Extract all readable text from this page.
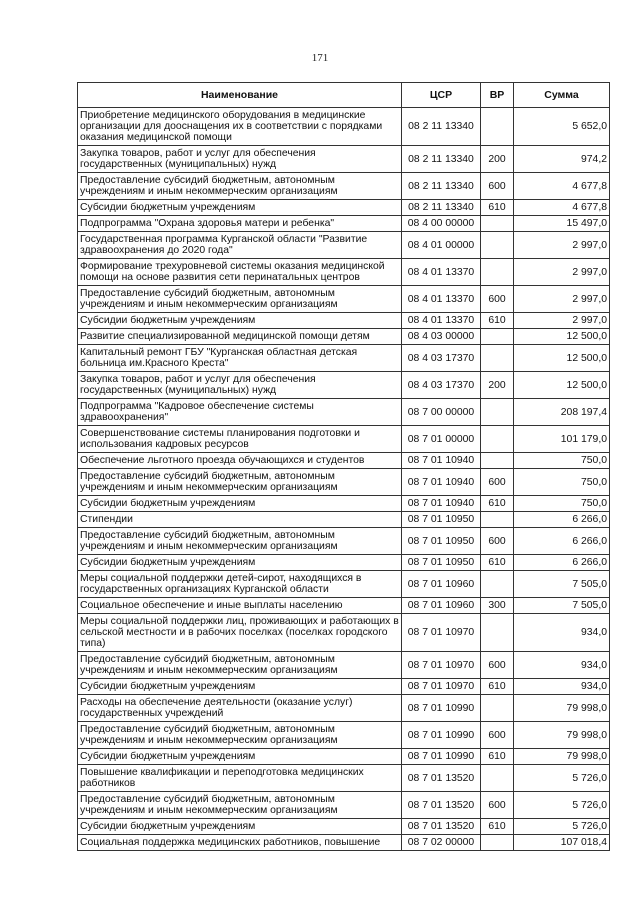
171
Наименование	ЦСР	ВР	Сумма
Приобретение медицинского оборудования в медицинские организации для дооснащения их в соответствии с порядками оказания медицинской помощи	08 2 11 13340		5 652,0
Закупка товаров, работ и услуг для обеспечения государственных (муниципальных) нужд	08 2 11 13340	200	974,2
Предоставление субсидий бюджетным, автономным учреждениям и иным некоммерческим организациям	08 2 11 13340	600	4 677,8
Субсидии бюджетным учреждениям	08 2 11 13340	610	4 677,8
Подпрограмма "Охрана здоровья матери и ребенка"	08 4 00 00000		15 497,0
Государственная программа Курганской области "Развитие здравоохранения до 2020 года"	08 4 01 00000		2 997,0
Формирование трехуровневой системы оказания медицинской помощи на основе развития сети перинатальных центров	08 4 01 13370		2 997,0
Предоставление субсидий бюджетным, автономным учреждениям и иным некоммерческим организациям	08 4 01 13370	600	2 997,0
Субсидии бюджетным учреждениям	08 4 01 13370	610	2 997,0
Развитие специализированной медицинской помощи детям	08 4 03 00000		12 500,0
Капитальный ремонт ГБУ "Курганская областная детская больница им.Красного Креста"	08 4 03 17370		12 500,0
Закупка товаров, работ и услуг для обеспечения государственных (муниципальных) нужд	08 4 03 17370	200	12 500,0
Подпрограмма "Кадровое обеспечение системы здравоохранения"	08 7 00 00000		208 197,4
Совершенствование системы планирования подготовки и использования кадровых ресурсов	08 7 01 00000		101 179,0
Обеспечение льготного проезда обучающихся и студентов	08 7 01 10940		750,0
Предоставление субсидий бюджетным, автономным учреждениям и иным некоммерческим организациям	08 7 01 10940	600	750,0
Субсидии бюджетным учреждениям	08 7 01 10940	610	750,0
Стипендии	08 7 01 10950		6 266,0
Предоставление субсидий бюджетным, автономным учреждениям и иным некоммерческим организациям	08 7 01 10950	600	6 266,0
Субсидии бюджетным учреждениям	08 7 01 10950	610	6 266,0
Меры социальной поддержки детей-сирот, находящихся в государственных организациях Курганской области	08 7 01 10960		7 505,0
Социальное обеспечение и иные выплаты населению	08 7 01 10960	300	7 505,0
Меры социальной поддержки лиц, проживающих и работающих в сельской местности и в рабочих поселках (поселках городского типа)	08 7 01 10970		934,0
Предоставление субсидий бюджетным, автономным учреждениям и иным некоммерческим организациям	08 7 01 10970	600	934,0
Субсидии бюджетным учреждениям	08 7 01 10970	610	934,0
Расходы на обеспечение деятельности (оказание услуг) государственных учреждений	08 7 01 10990		79 998,0
Предоставление субсидий бюджетным, автономным учреждениям и иным некоммерческим организациям	08 7 01 10990	600	79 998,0
Субсидии бюджетным учреждениям	08 7 01 10990	610	79 998,0
Повышение квалификации и переподготовка медицинских работников	08 7 01 13520		5 726,0
Предоставление субсидий бюджетным, автономным учреждениям и иным некоммерческим организациям	08 7 01 13520	600	5 726,0
Субсидии бюджетным учреждениям	08 7 01 13520	610	5 726,0
Социальная поддержка медицинских работников, повышение	08 7 02 00000		107 018,4
